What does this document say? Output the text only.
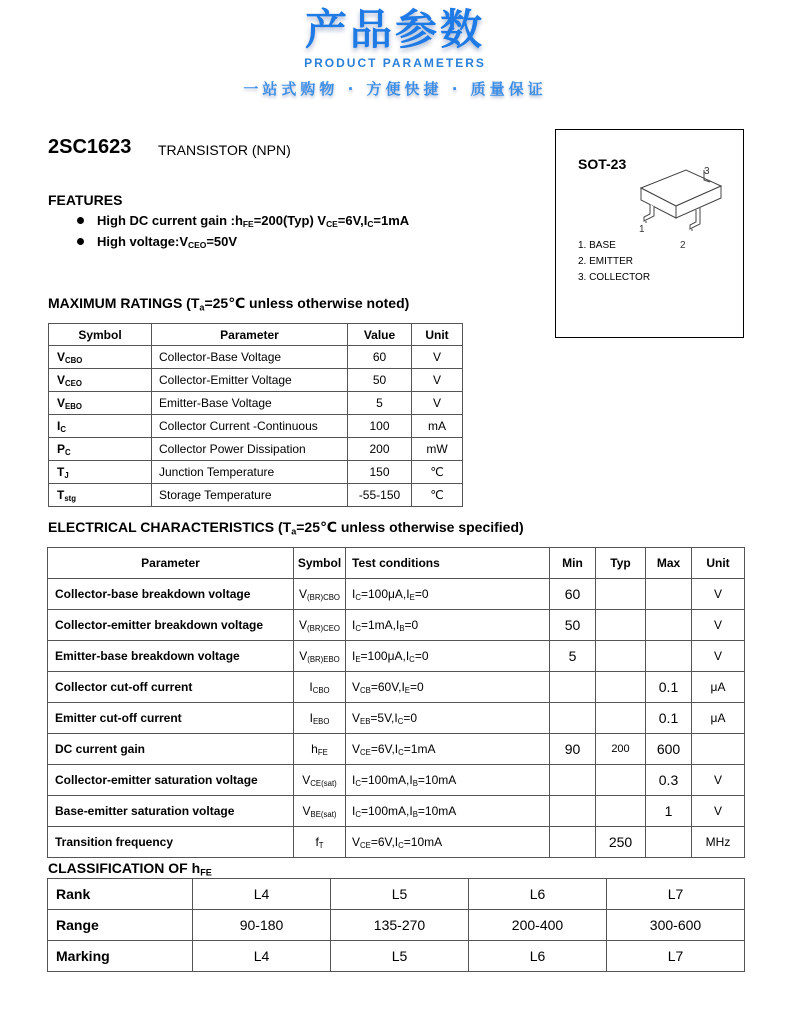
产品参数
PRODUCT PARAMETERS
一站式购物 · 方便快捷 · 质量保证
2SC1623 TRANSISTOR (NPN)
FEATURES
High DC current gain $:h_{FE}=200(Typ)$ $V_{CE}=6V,I_C=1mA$
High $voltage:V_{CEO}=50V$
SOT-23
1
2
3
1. BASE
2. EMITTER
3. COLLECTOR
MAXIMUM RATINGS ($T_a=25℃$ unless otherwise noted)
Symbol	Parameter	Value	Unit
$V_{CBO}$	Collector-Base Voltage	60	V
$V_{CEO}$	Collector-Emitter Voltage	50	V
$V_{EBO}$	Emitter-Base Voltage	5	V
$I_C$	Collector Current -Continuous	100	mA
$P_C$	Collector Power Dissipation	200	mW
$T_J$	Junction Temperature	150	℃
$T_{stg}$	Storage Temperature	-55-150	℃
ELECTRICAL CHARACTERISTICS ($T_a=25℃$ unless otherwise specified)
Parameter	Symbol	Test conditions	Min	Typ	Max	Unit
Collector-base breakdown voltage	$V_{(BR)CBO}$	$I_C=100\mu A,I_E=0$	60			V
Collector-emitter breakdown voltage	$V_{(BR)CEO}$	$I_C=1mA,I_B=0$	50			V
Emitter-base breakdown voltage	$V_{(BR)EBO}$	$I_E=100\mu A,I_C=0$	5			V
Collector cut-off current	$I_{CBO}$	$V_{CB}=60V,I_E=0$			0.1	μA
Emitter cut-off current	$I_{EBO}$	$V_{EB}=5V,I_C=0$			0.1	μA
DC current gain	$h_{FE}$	$V_{CE}=6V,I_C=1mA$	90	200	600	
Collector-emitter saturation voltage	$V_{CE(sat)}$	$I_C=100mA,I_B=10mA$			0.3	V
Base-emitter saturation voltage	$V_{BE(sat)}$	$I_C=100mA,I_B=10mA$			1	V
Transition frequency	$f_T$	$V_{CE}=6V,I_C=10mA$		250		MHz
CLASSIFICATION OF $h_{FE}$
Rank	L4	L5	L6	L7
Range	90-180	135-270	200-400	300-600
Marking	L4	L5	L6	L7
